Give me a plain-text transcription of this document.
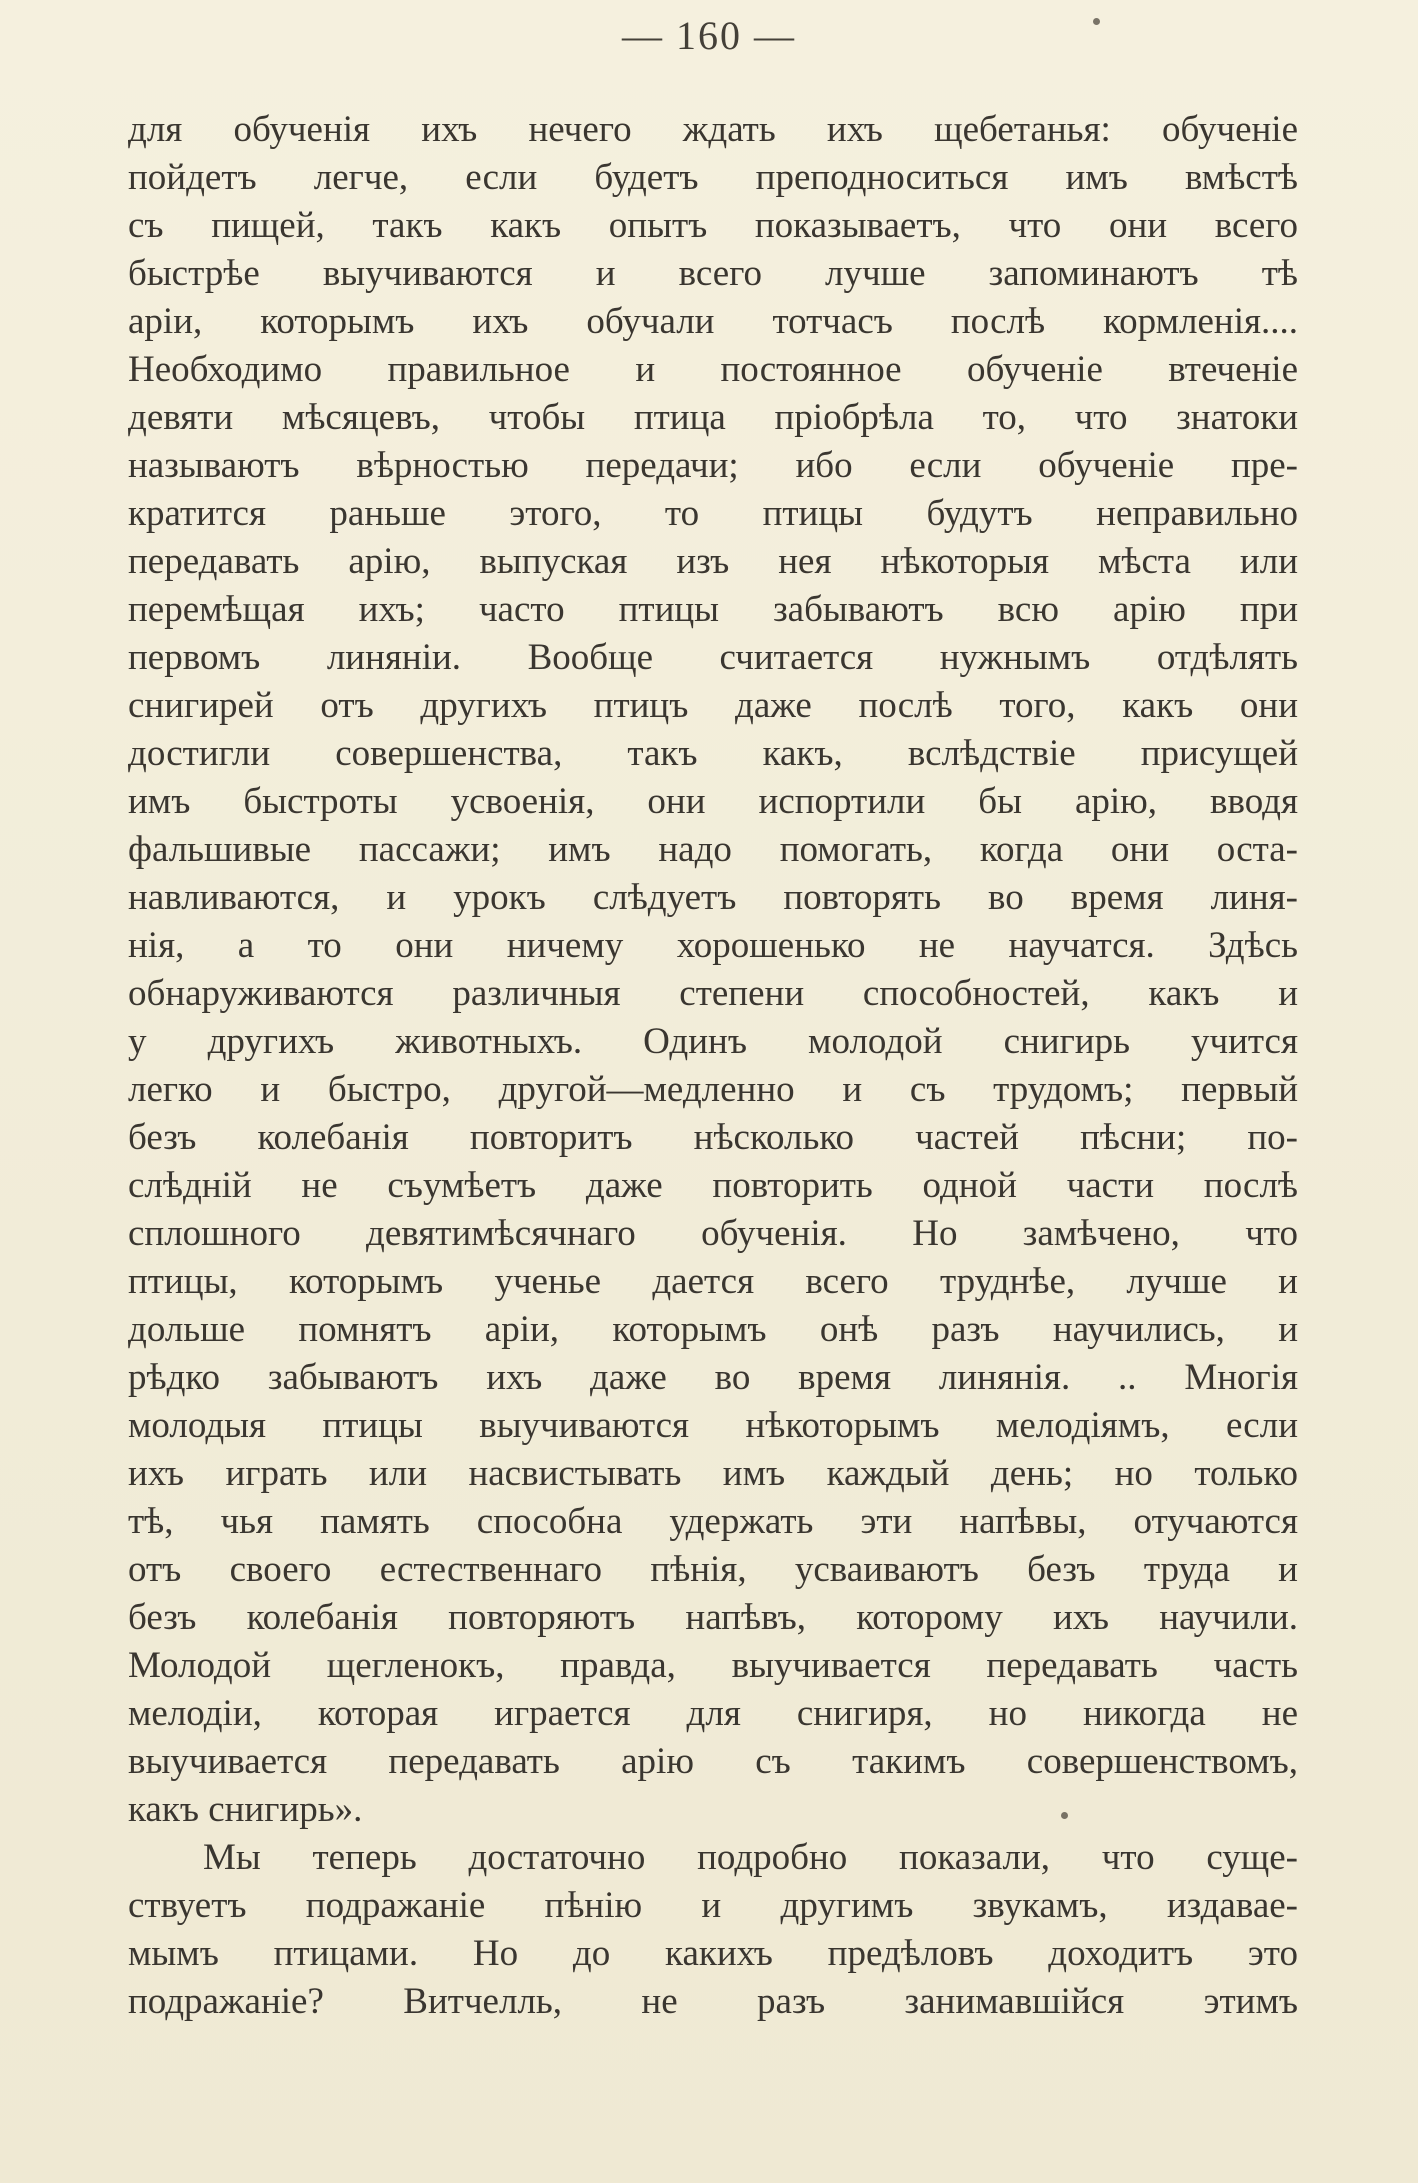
— 160 —
для обученія ихъ нечего ждать ихъ щебетанья: обученіе
пойдетъ легче, если будетъ преподноситься имъ вмѣстѣ
съ пищей, такъ какъ опытъ показываетъ, что они всего
быстрѣе выучиваются и всего лучше запоминаютъ тѣ
аріи, которымъ ихъ обучали тотчасъ послѣ кормленія....
Необходимо правильное и постоянное обученіе втеченіе
девяти мѣсяцевъ, чтобы птица пріобрѣла то, что знатоки
называютъ вѣрностью передачи; ибо если обученіе пре-
кратится раньше этого, то птицы будутъ неправильно
передавать арію, выпуская изъ нея нѣкоторыя мѣста или
перемѣщая ихъ; часто птицы забываютъ всю арію при
первомъ линяніи. Вообще считается нужнымъ отдѣлять
снигирей отъ другихъ птицъ даже послѣ того, какъ они
достигли совершенства, такъ какъ, вслѣдствіе присущей
имъ быстроты усвоенія, они испортили бы арію, вводя
фальшивые пассажи; имъ надо помогать, когда они оста-
навливаются, и урокъ слѣдуетъ повторять во время линя-
нія, а то они ничему хорошенько не научатся. Здѣсь
обнаруживаются различныя степени способностей, какъ и
у другихъ животныхъ. Одинъ молодой снигирь учится
легко и быстро, другой—медленно и съ трудомъ; первый
безъ колебанія повторитъ нѣсколько частей пѣсни; по-
слѣдній не съумѣетъ даже повторить одной части послѣ
сплошного девятимѣсячнаго обученія. Но замѣчено, что
птицы, которымъ ученье дается всего труднѣе, лучше и
дольше помнятъ аріи, которымъ онѣ разъ научились, и
рѣдко забываютъ ихъ даже во время линянія. .. Многія
молодыя птицы выучиваются нѣкоторымъ мелодіямъ, если
ихъ играть или насвистывать имъ каждый день; но только
тѣ, чья память способна удержать эти напѣвы, отучаются
отъ своего естественнаго пѣнія, усваиваютъ безъ труда и
безъ колебанія повторяютъ напѣвъ, которому ихъ научили.
Молодой щегленокъ, правда, выучивается передавать часть
мелодіи, которая играется для снигиря, но никогда не
выучивается передавать арію съ такимъ совершенствомъ,
какъ снигирь».
Мы теперь достаточно подробно показали, что суще-
ствуетъ подражаніе пѣнію и другимъ звукамъ, издавае-
мымъ птицами. Но до какихъ предѣловъ доходитъ это
подражаніе? Витчелль, не разъ занимавшійся этимъ
